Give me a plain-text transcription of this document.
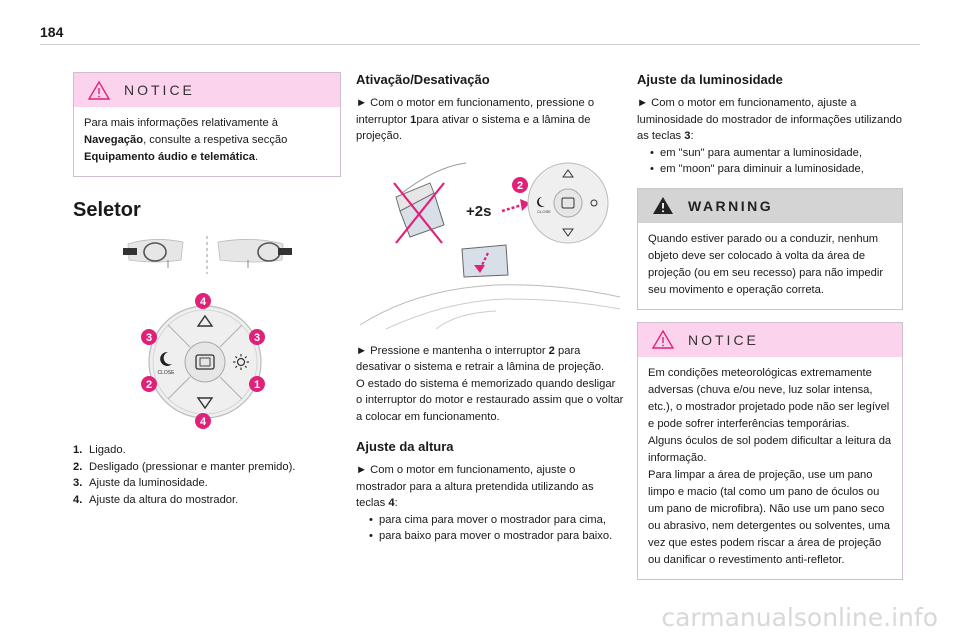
184
NOTICE
Para mais informações relativamente à Navegação, consulte a respetiva secção Equipamento áudio e telemática.
Seletor
CLOSE
4
3	3
2	1
4
1. Ligado.
2. Desligado (pressionar e manter premido).
3. Ajuste da luminosidade.
4. Ajuste da altura do mostrador.
Ativação/Desativação
► Com o motor em funcionamento, pressione o interruptor 1para ativar o sistema e a lâmina de projeção.
+2s	CLOSE
2
► Pressione e mantenha o interruptor 2 para desativar o sistema e retrair a lâmina de projeção.
O estado do sistema é memorizado quando desligar o interruptor do motor e restaurado assim que o voltar a colocar em funcionamento.
Ajuste da altura
► Com o motor em funcionamento, ajuste o mostrador para a altura pretendida utilizando as teclas 4:
• para cima para mover o mostrador para cima,
• para baixo para mover o mostrador para baixo.
Ajuste da luminosidade
► Com o motor em funcionamento, ajuste a luminosidade do mostrador de informações utilizando as teclas 3:
• em "sun" para aumentar a luminosidade,
• em "moon" para diminuir a luminosidade,
WARNING
Quando estiver parado ou a conduzir, nenhum objeto deve ser colocado à volta da área de projeção (ou em seu recesso) para não impedir seu movimento e operação correta.
NOTICE
Em condições meteorológicas extremamente adversas (chuva e/ou neve, luz solar intensa, etc.), o mostrador projetado pode não ser legível e pode sofrer interferências temporárias.
Alguns óculos de sol podem dificultar a leitura da informação.
Para limpar a área de projeção, use um pano limpo e macio (tal como um pano de óculos ou um pano de microfibra). Não use um pano seco ou abrasivo, nem detergentes ou solventes, uma vez que estes podem riscar a área de projeção ou danificar o revestimento anti-refletor.
carmanualsonline.info
